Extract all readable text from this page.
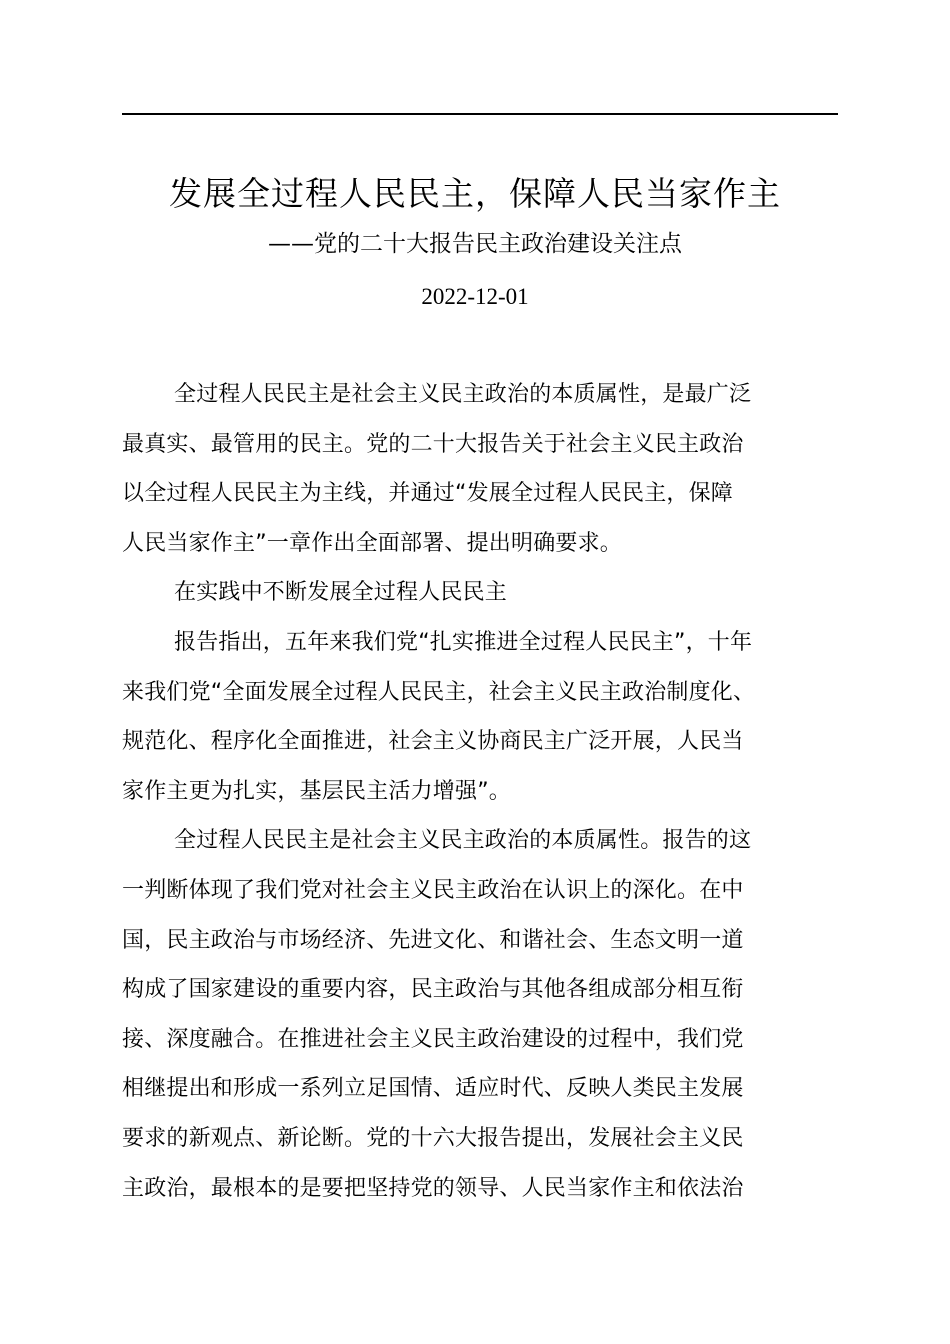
发展全过程人民民主，保障人民当家作主
——党的二十大报告民主政治建设关注点
2022-12-01
全过程人民民主是社会主义民主政治的本质属性，是最广泛
最真实、最管用的民主。党的二十大报告关于社会主义民主政治
以全过程人民民主为主线，并通过“发展全过程人民民主，保障
人民当家作主”一章作出全面部署、提出明确要求。
在实践中不断发展全过程人民民主
报告指出，五年来我们党“扎实推进全过程人民民主”，十年
来我们党“全面发展全过程人民民主，社会主义民主政治制度化、
规范化、程序化全面推进，社会主义协商民主广泛开展，人民当
家作主更为扎实，基层民主活力增强”。
全过程人民民主是社会主义民主政治的本质属性。报告的这
一判断体现了我们党对社会主义民主政治在认识上的深化。在中
国，民主政治与市场经济、先进文化、和谐社会、生态文明一道
构成了国家建设的重要内容，民主政治与其他各组成部分相互衔
接、深度融合。在推进社会主义民主政治建设的过程中，我们党
相继提出和形成一系列立足国情、适应时代、反映人类民主发展
要求的新观点、新论断。党的十六大报告提出，发展社会主义民
主政治，最根本的是要把坚持党的领导、人民当家作主和依法治
